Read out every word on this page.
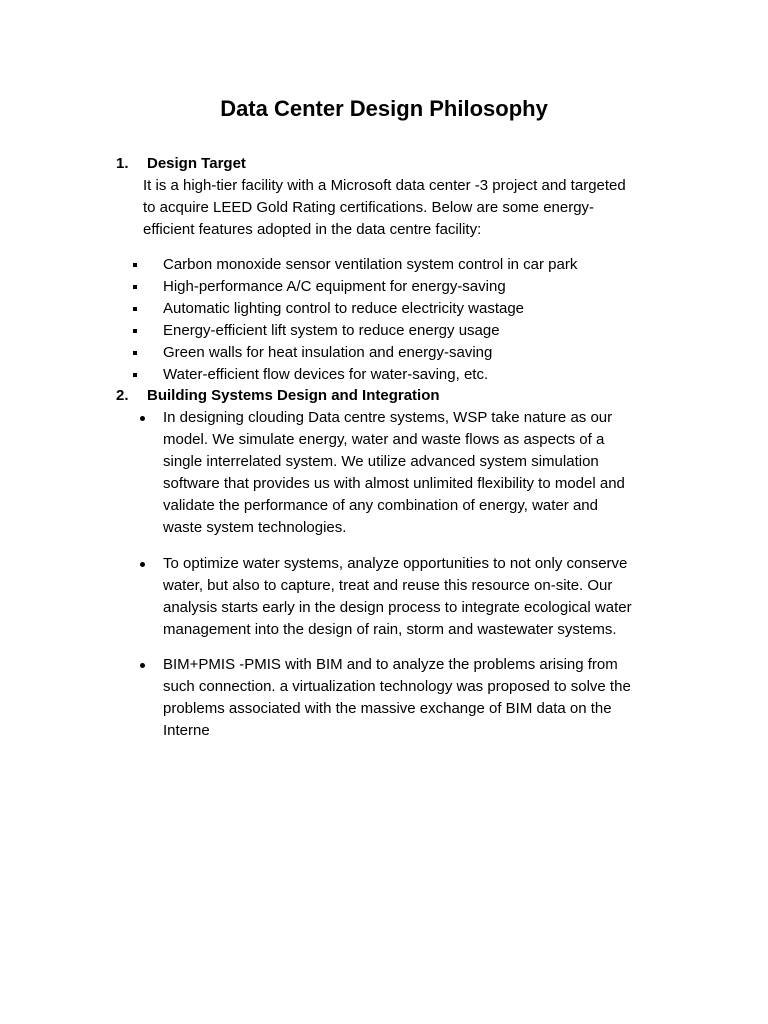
Data Center Design Philosophy
1. Design Target

It is a high-tier facility with a Microsoft data center -3 project and targeted
to acquire LEED Gold Rating certifications. Below are some energy-
efficient features adopted in the data centre facility:

Carbon monoxide sensor ventilation system control in car park
High-performance A/C equipment for energy-saving
Automatic lighting control to reduce electricity wastage
Energy-efficient lift system to reduce energy usage
Green walls for heat insulation and energy-saving
Water-efficient flow devices for water-saving, etc.
2. Building Systems Design and Integration
In designing clouding Data centre systems, WSP take nature as our
model. We simulate energy, water and waste flows as aspects of a
single interrelated system. We utilize advanced system simulation
software that provides us with almost unlimited flexibility to model and
validate the performance of any combination of energy, water and
waste system technologies.
To optimize water systems, analyze opportunities to not only conserve
water, but also to capture, treat and reuse this resource on-site. Our
analysis starts early in the design process to integrate ecological water
management into the design of rain, storm and wastewater systems.
BIM+PMIS -PMIS with BIM and to analyze the problems arising from
such connection. a virtualization technology was proposed to solve the
problems associated with the massive exchange of BIM data on the
Interne
